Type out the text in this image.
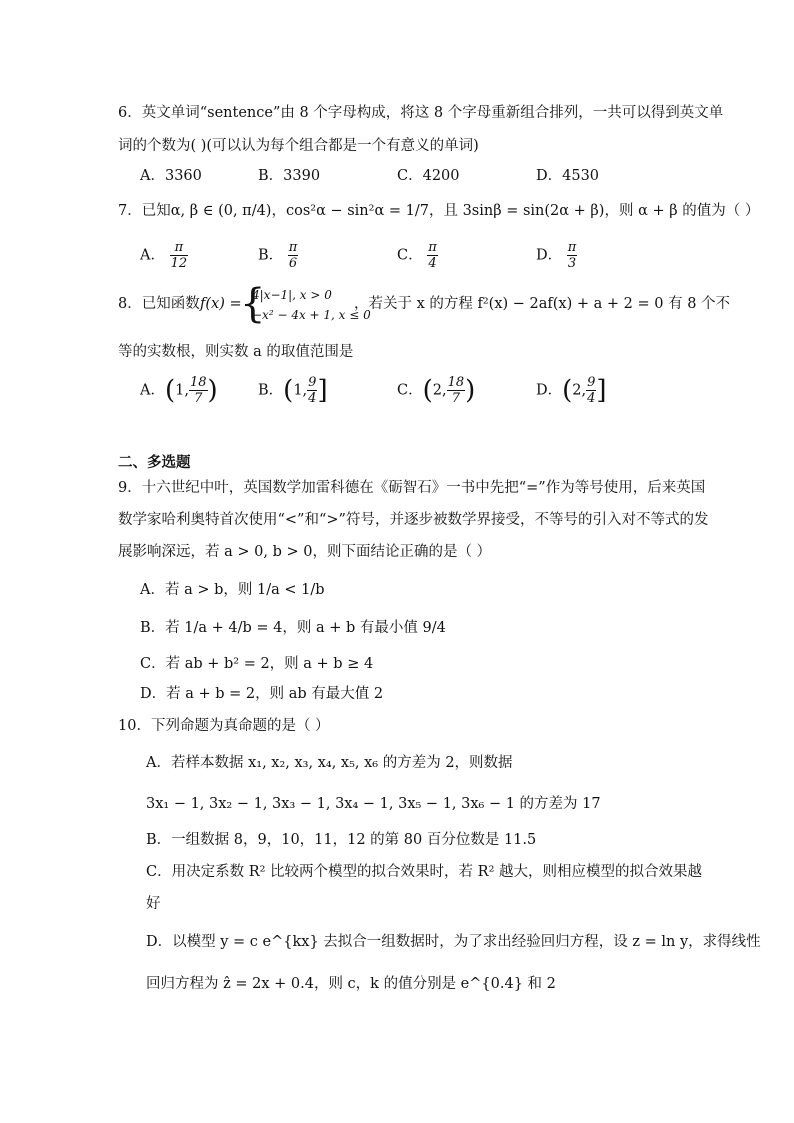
6．英文单词“sentence”由 8 个字母构成，将这 8 个字母重新组合排列，一共可以得到英文单
词的个数为( )(可以认为每个组合都是一个有意义的单词)
A．3360	B．3390	C．4200	D．4530
7．已知α, β ∈ (0, π/4)，cos²α − sin²α = 1/7，且 3sinβ = sin(2α + β)，则 α + β 的值为（ ）
A． $\frac{\pi}{12}$	B． $\frac{\pi}{6}$	C． $\frac{\pi}{4}$	D． $\frac{\pi}{3}$
8．已知函数 f(x) =
{
4|x−1|, x > 0
−x² − 4x + 1, x ≤ 0
，若关于 x 的方程 f²(x) − 2af(x) + a + 2 = 0 有 8 个不
等的实数根，则实数 a 的取值范围是
A．(1, $\frac{18}{7}$ )	B．(1, $\frac{9}{4}$ ]	C．(2, $\frac{18}{7}$ )	D．(2, $\frac{9}{4}$ ]
二、多选题
9．十六世纪中叶，英国数学加雷科德在《砺智石》一书中先把“=”作为等号使用，后来英国
数学家哈利奥特首次使用“<”和“>”符号，并逐步被数学界接受，不等号的引入对不等式的发
展影响深远，若 a > 0, b > 0，则下面结论正确的是（ ）
A．若 a > b，则 1/a < 1/b
B．若 1/a + 4/b = 4，则 a + b 有最小值 9/4
C．若 ab + b² = 2，则 a + b ≥ 4
D．若 a + b = 2，则 ab 有最大值 2
10．下列命题为真命题的是（ ）
A．若样本数据 x₁, x₂, x₃, x₄, x₅, x₆ 的方差为 2，则数据
3x₁ − 1, 3x₂ − 1, 3x₃ − 1, 3x₄ − 1, 3x₅ − 1, 3x₆ − 1 的方差为 17
B．一组数据 8，9，10，11，12 的第 80 百分位数是 11.5
C．用决定系数 R² 比较两个模型的拟合效果时，若 R² 越大，则相应模型的拟合效果越
好
D．以模型 y = c e^{kx} 去拟合一组数据时，为了求出经验回归方程，设 z = ln y，求得线性
回归方程为 ẑ = 2x + 0.4，则 c，k 的值分别是 e^{0.4} 和 2
